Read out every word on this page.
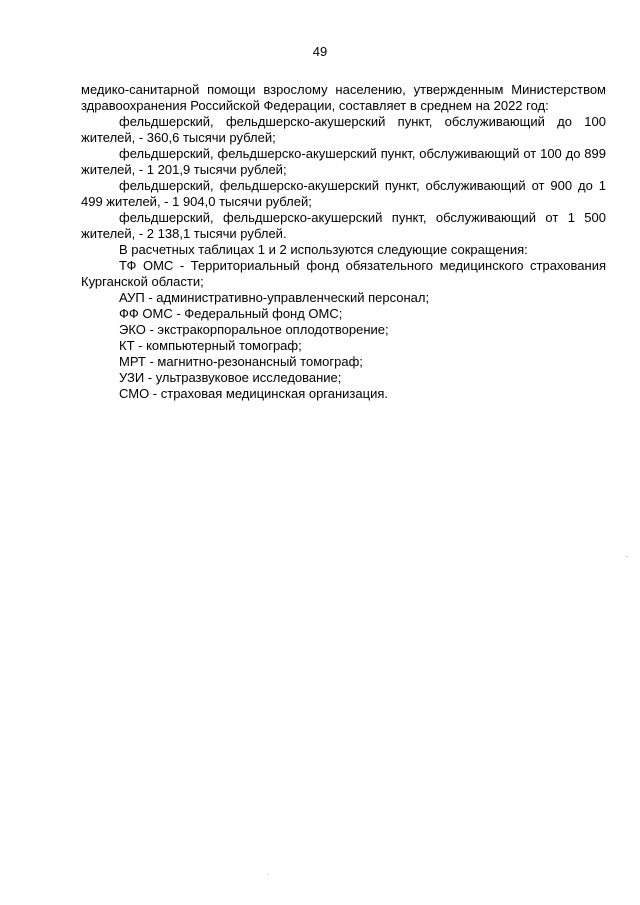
49

медико-санитарной помощи взрослому населению, утвержденным Министерством здравоохранения Российской Федерации, составляет в среднем на 2022 год:

фельдшерский, фельдшерско-акушерский пункт, обслуживающий до 100 жителей, - 360,6 тысячи рублей;

фельдшерский, фельдшерско-акушерский пункт, обслуживающий от 100 до 899 жителей, - 1 201,9 тысячи рублей;

фельдшерский, фельдшерско-акушерский пункт, обслуживающий от 900 до 1 499 жителей, - 1 904,0 тысячи рублей;

фельдшерский, фельдшерско-акушерский пункт, обслуживающий от 1 500 жителей, - 2 138,1 тысячи рублей.

В расчетных таблицах 1 и 2 используются следующие сокращения:

ТФ ОМС - Территориальный фонд обязательного медицинского страхования Курганской области;

АУП - административно-управленческий персонал;

ФФ ОМС - Федеральный фонд ОМС;

ЭКО - экстракорпоральное оплодотворение;

КТ - компьютерный томограф;

МРТ - магнитно-резонансный томограф;

УЗИ - ультразвуковое исследование;

СМО - страховая медицинская организация.
